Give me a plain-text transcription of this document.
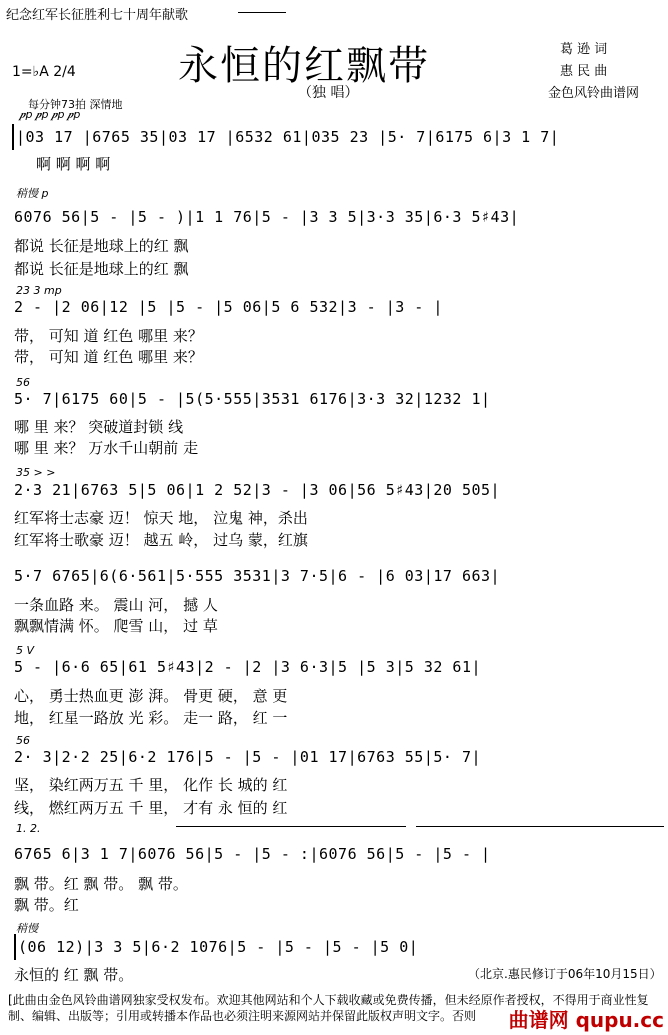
纪念红军长征胜利七十周年献歌
永恒的红飘带
（独 唱）
葛 逊 词
惠 民 曲
金色风铃曲谱网
1=♭A 2/4
每分钟73拍 深情地
𝆏p 𝆏p 𝆏p 𝆏p
|03 17 |6765 35|03 17 |6532 61|035 23 |5· 7|6175 6|3 1 7|
啊 啊 啊 啊
稍慢 p
6076 56|5 - |5 - )|1 1 76|5 - |3 3 5|3·3 35|6·3 5♯43|
都说 长征是地球上的红 飘
都说 长征是地球上的红 飘
23 3 mp
2 - |2 06|12 |5 |5 - |5 06|5 6 532|3 - |3 - |
带， 可知 道 红色 哪里 来？
带， 可知 道 红色 哪里 来？
56
5· 7|6175 60|5 - |5(5·555|3531 6176|3·3 32|1232 1|
哪 里 来？ 突破道封锁 线
哪 里 来？ 万水千山朝前 走
35 > >
2·3 21|6763 5|5 06|1 2 52|3 - |3 06|56 5♯43|20 505|
红军将士志豪 迈！ 惊天 地， 泣鬼 神，杀出
红军将士歌豪 迈！ 越五 岭， 过乌 蒙，红旗
5·7 6765|6(6·561|5·555 3531|3 7·5|6 - |6 03|17 663|
一条血路 来。 震山 河， 撼 人
飘飘情满 怀。 爬雪 山， 过 草
5 V
5 - |6·6 65|61 5♯43|2 - |2 |3 6·3|5 |5 3|5 32 61|
心， 勇士热血更 澎 湃。 骨更 硬， 意 更
地， 红星一路放 光 彩。 走一 路， 红 一
56
2· 3|2·2 25|6·2 176|5 - |5 - |01 17|6763 55|5· 7|
坚， 染红两万五 千 里， 化作 长 城的 红
线， 燃红两万五 千 里， 才有 永 恒的 红
1. 2.
6765 6|3 1 7|6076 56|5 - |5 - :|6076 56|5 - |5 - |
飘 带。红 飘 带。 飘 带。
飘 带。红
稍慢
(06 12)|3 3 5|6·2 1076|5 - |5 - |5 - |5 0|
永恒的 红 飘 带。	（北京.惠民修订于06年10月15日）
[此曲由金色风铃曲谱网独家受权发布。欢迎其他网站和个人下载收藏或免费传播，但未经原作者授权，不得用于商业性复制、编辑、出版等；引用或转播本作品也必须注明来源网站并保留此版权声明文字。否则	曲谱网 qupu.cc
